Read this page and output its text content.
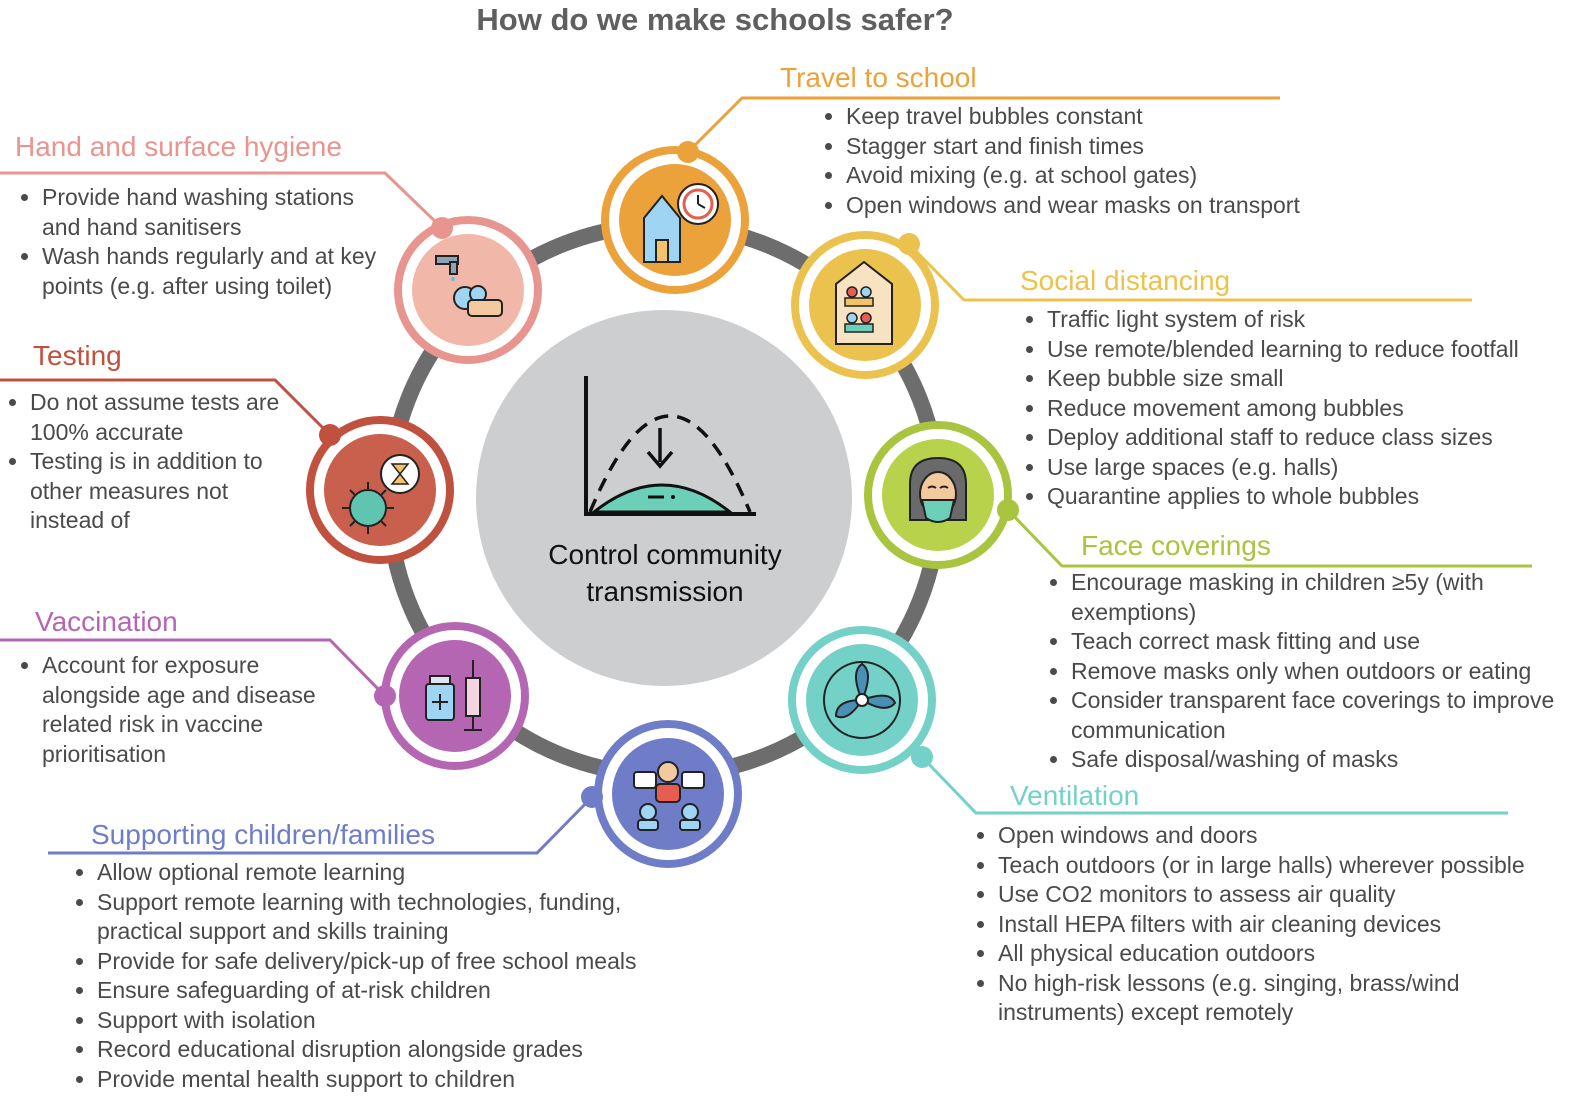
How do we make schools safer?
Control community transmission
Hand and surface hygiene
• Provide hand washing stations and hand sanitisers
• Wash hands regularly and at key points (e.g. after using toilet)
Testing
• Do not assume tests are 100% accurate
• Testing is in addition to other measures not instead of
Vaccination
• Account for exposure alongside age and disease related risk in vaccine prioritisation
Supporting children/families
• Allow optional remote learning
• Support remote learning with technologies, funding, practical support and skills training
• Provide for safe delivery/pick-up of free school meals
• Ensure safeguarding of at-risk children
• Support with isolation
• Record educational disruption alongside grades
• Provide mental health support to children
Travel to school
• Keep travel bubbles constant
• Stagger start and finish times
• Avoid mixing (e.g. at school gates)
• Open windows and wear masks on transport
Social distancing
• Traffic light system of risk
• Use remote/blended learning to reduce footfall
• Keep bubble size small
• Reduce movement among bubbles
• Deploy additional staff to reduce class sizes
• Use large spaces (e.g. halls)
• Quarantine applies to whole bubbles
Face coverings
• Encourage masking in children ≥5y (with exemptions)
• Teach correct mask fitting and use
• Remove masks only when outdoors or eating
• Consider transparent face coverings to improve communication
• Safe disposal/washing of masks
Ventilation
• Open windows and doors
• Teach outdoors (or in large halls) wherever possible
• Use CO2 monitors to assess air quality
• Install HEPA filters with air cleaning devices
• All physical education outdoors
• No high-risk lessons (e.g. singing, brass/wind instruments) except remotely
